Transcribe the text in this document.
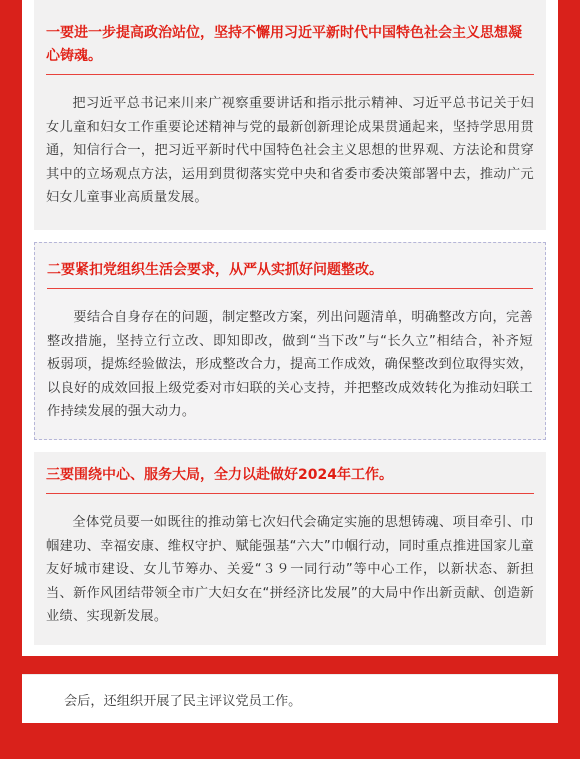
一要进一步提高政治站位，坚持不懈用习近平新时代中国特色社会主义思想凝心铸魂。

把习近平总书记来川来广视察重要讲话和指示批示精神、习近平总书记关于妇女儿童和妇女工作重要论述精神与党的最新创新理论成果贯通起来，坚持学思用贯通，知信行合一，把习近平新时代中国特色社会主义思想的世界观、方法论和贯穿其中的立场观点方法，运用到贯彻落实党中央和省委市委决策部署中去，推动广元妇女儿童事业高质量发展。

二要紧扣党组织生活会要求，从严从实抓好问题整改。

要结合自身存在的问题，制定整改方案，列出问题清单，明确整改方向，完善整改措施，坚持立行立改、即知即改，做到“当下改”与“长久立”相结合，补齐短板弱项，提炼经验做法，形成整改合力，提高工作成效，确保整改到位取得实效，以良好的成效回报上级党委对市妇联的关心支持，并把整改成效转化为推动妇联工作持续发展的强大动力。

三要围绕中心、服务大局，全力以赴做好2024年工作。

全体党员要一如既往的推动第七次妇代会确定实施的思想铸魂、项目牵引、巾帼建功、幸福安康、维权守护、赋能强基“六大”巾帼行动，同时重点推进国家儿童友好城市建设、女儿节筹办、关爱“３９一同行动”等中心工作，以新状态、新担当、新作风团结带领全市广大妇女在“拼经济比发展”的大局中作出新贡献、创造新业绩、实现新发展。

会后，还组织开展了民主评议党员工作。
